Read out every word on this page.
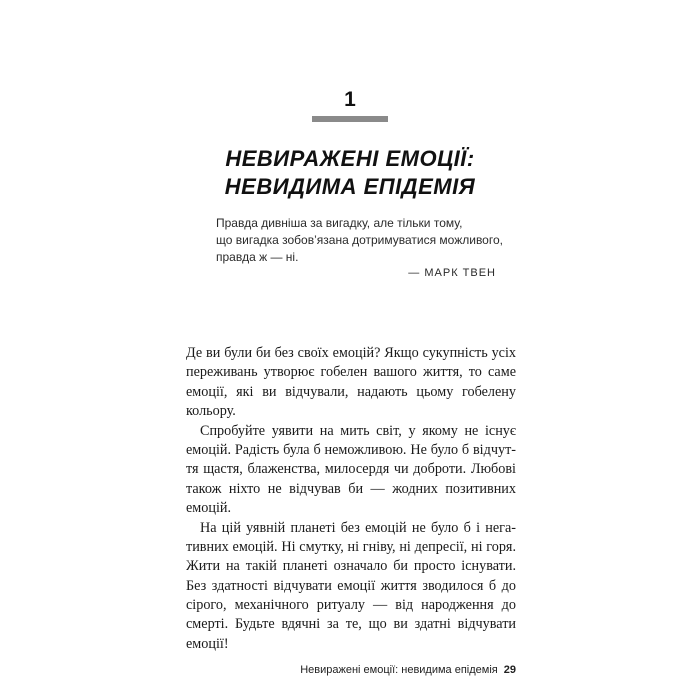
1
НЕВИРАЖЕНІ ЕМОЦІЇ:
НЕВИДИМА ЕПІДЕМІЯ
Правда дивніша за вигадку, але тільки тому,
що вигадка зобов’язана дотримуватися можливого,
правда ж — ні.
— МАРК ТВЕН
Де ви були би без своїх емоцій? Якщо сукупність усіх
переживань утворює гобелен вашого життя, то саме
емоції, які ви відчували, надають цьому гобелену
кольору.
Спробуйте уявити на мить світ, у якому не існує
емоцій. Радість була б неможливою. Не було б відчут-
тя щастя, блаженства, милосердя чи доброти. Любові
також ніхто не відчував би — жодних позитивних
емоцій.
На цій уявній планеті без емоцій не було б і нега-
тивних емоцій. Ні смутку, ні гніву, ні депресії, ні горя.
Жити на такій планеті означало би просто існувати.
Без здатності відчувати емоції життя зводилося б до
сірого, механічного ритуалу — від народження до
смерті. Будьте вдячні за те, що ви здатні відчувати
емоції!
Невиражені емоції: невидима епідемія 29
